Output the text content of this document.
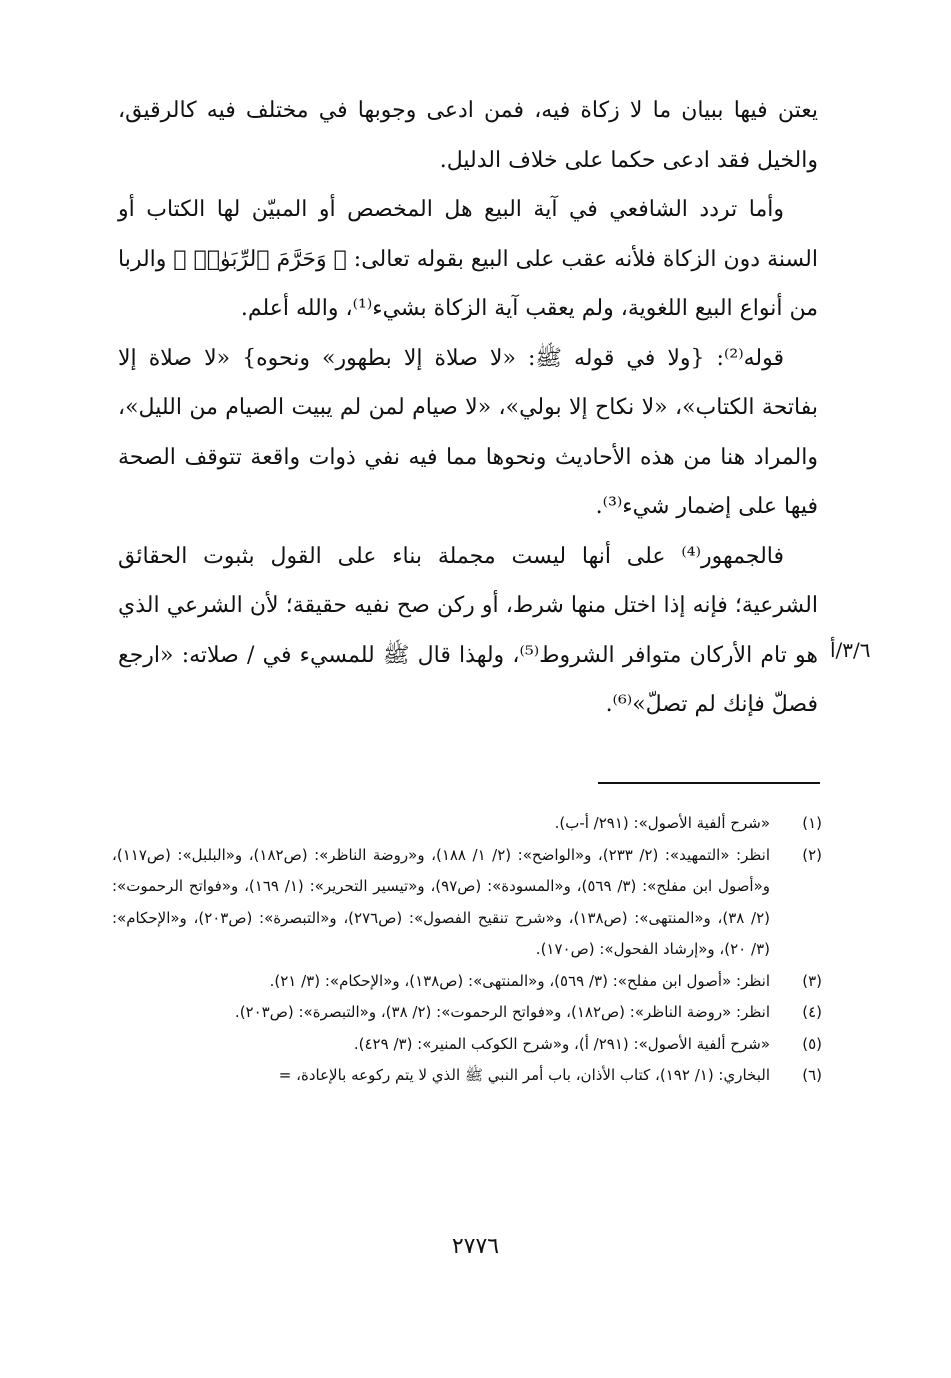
يعتن فيها ببيان ما لا زكاة فيه، فمن ادعى وجوبها في مختلف فيه كالرقيق، والخيل فقد ادعى حكما على خلاف الدليل.

وأما تردد الشافعي في آية البيع هل المخصص أو المبيّن لها الكتاب أو السنة دون الزكاة فلأنه عقب على البيع بقوله تعالى: ﴿ وَحَرَّمَ ٱلرِّبَوٰا۟ ﴾ والربا من أنواع البيع اللغوية، ولم يعقب آية الزكاة بشيء⁽¹⁾، والله أعلم.

قوله⁽²⁾: {ولا في قوله ﷺ: «لا صلاة إلا بطهور» ونحوه} «لا صلاة إلا بفاتحة الكتاب»، «لا نكاح إلا بولي»، «لا صيام لمن لم يبيت الصيام من الليل»، والمراد هنا من هذه الأحاديث ونحوها مما فيه نفي ذوات واقعة تتوقف الصحة فيها على إضمار شيء⁽³⁾.

فالجمهور⁽⁴⁾ على أنها ليست مجملة بناء على القول بثبوت الحقائق الشرعية؛ فإنه إذا اختل منها شرط، أو ركن صح نفيه حقيقة؛ لأن الشرعي الذي هو تام الأركان متوافر الشروط⁽⁵⁾، ولهذا قال ﷺ للمسيء في / صلاته: «ارجع فصلّ فإنك لم تصلّ»⁽⁶⁾.

٣/٦/أ
(١)
«شرح ألفية الأصول»: (٢٩١/ أ-ب).
(٢)
انظر: «التمهيد»: (٢/ ٢٣٣)، و«الواضح»: (٢/ ١/ ١٨٨)، و«روضة الناظر»: (ص١٨٢)، و«البلبل»: (ص١١٧)، و«أصول ابن مفلح»: (٣/ ٥٦٩)، و«المسودة»: (ص٩٧)، و«تيسير التحرير»: (١/ ١٦٩)، و«فواتح الرحموت»: (٢/ ٣٨)، و«المنتهى»: (ص١٣٨)، و«شرح تنقيح الفصول»: (ص٢٧٦)، و«التبصرة»: (ص٢٠٣)، و«الإحكام»: (٣/ ٢٠)، و«إرشاد الفحول»: (ص١٧٠).
(٣)
انظر: «أصول ابن مفلح»: (٣/ ٥٦٩)، و«المنتهى»: (ص١٣٨)، و«الإحكام»: (٣/ ٢١).
(٤)
انظر: «روضة الناظر»: (ص١٨٢)، و«فواتح الرحموت»: (٢/ ٣٨)، و«التبصرة»: (ص٢٠٣).
(٥)
«شرح ألفية الأصول»: (٢٩١/ أ)، و«شرح الكوكب المنير»: (٣/ ٤٢٩).
(٦)
البخاري: (١/ ١٩٢)، كتاب الأذان، باب أمر النبي ﷺ الذي لا يتم ركوعه بالإعادة، =
٢٧٧٦
